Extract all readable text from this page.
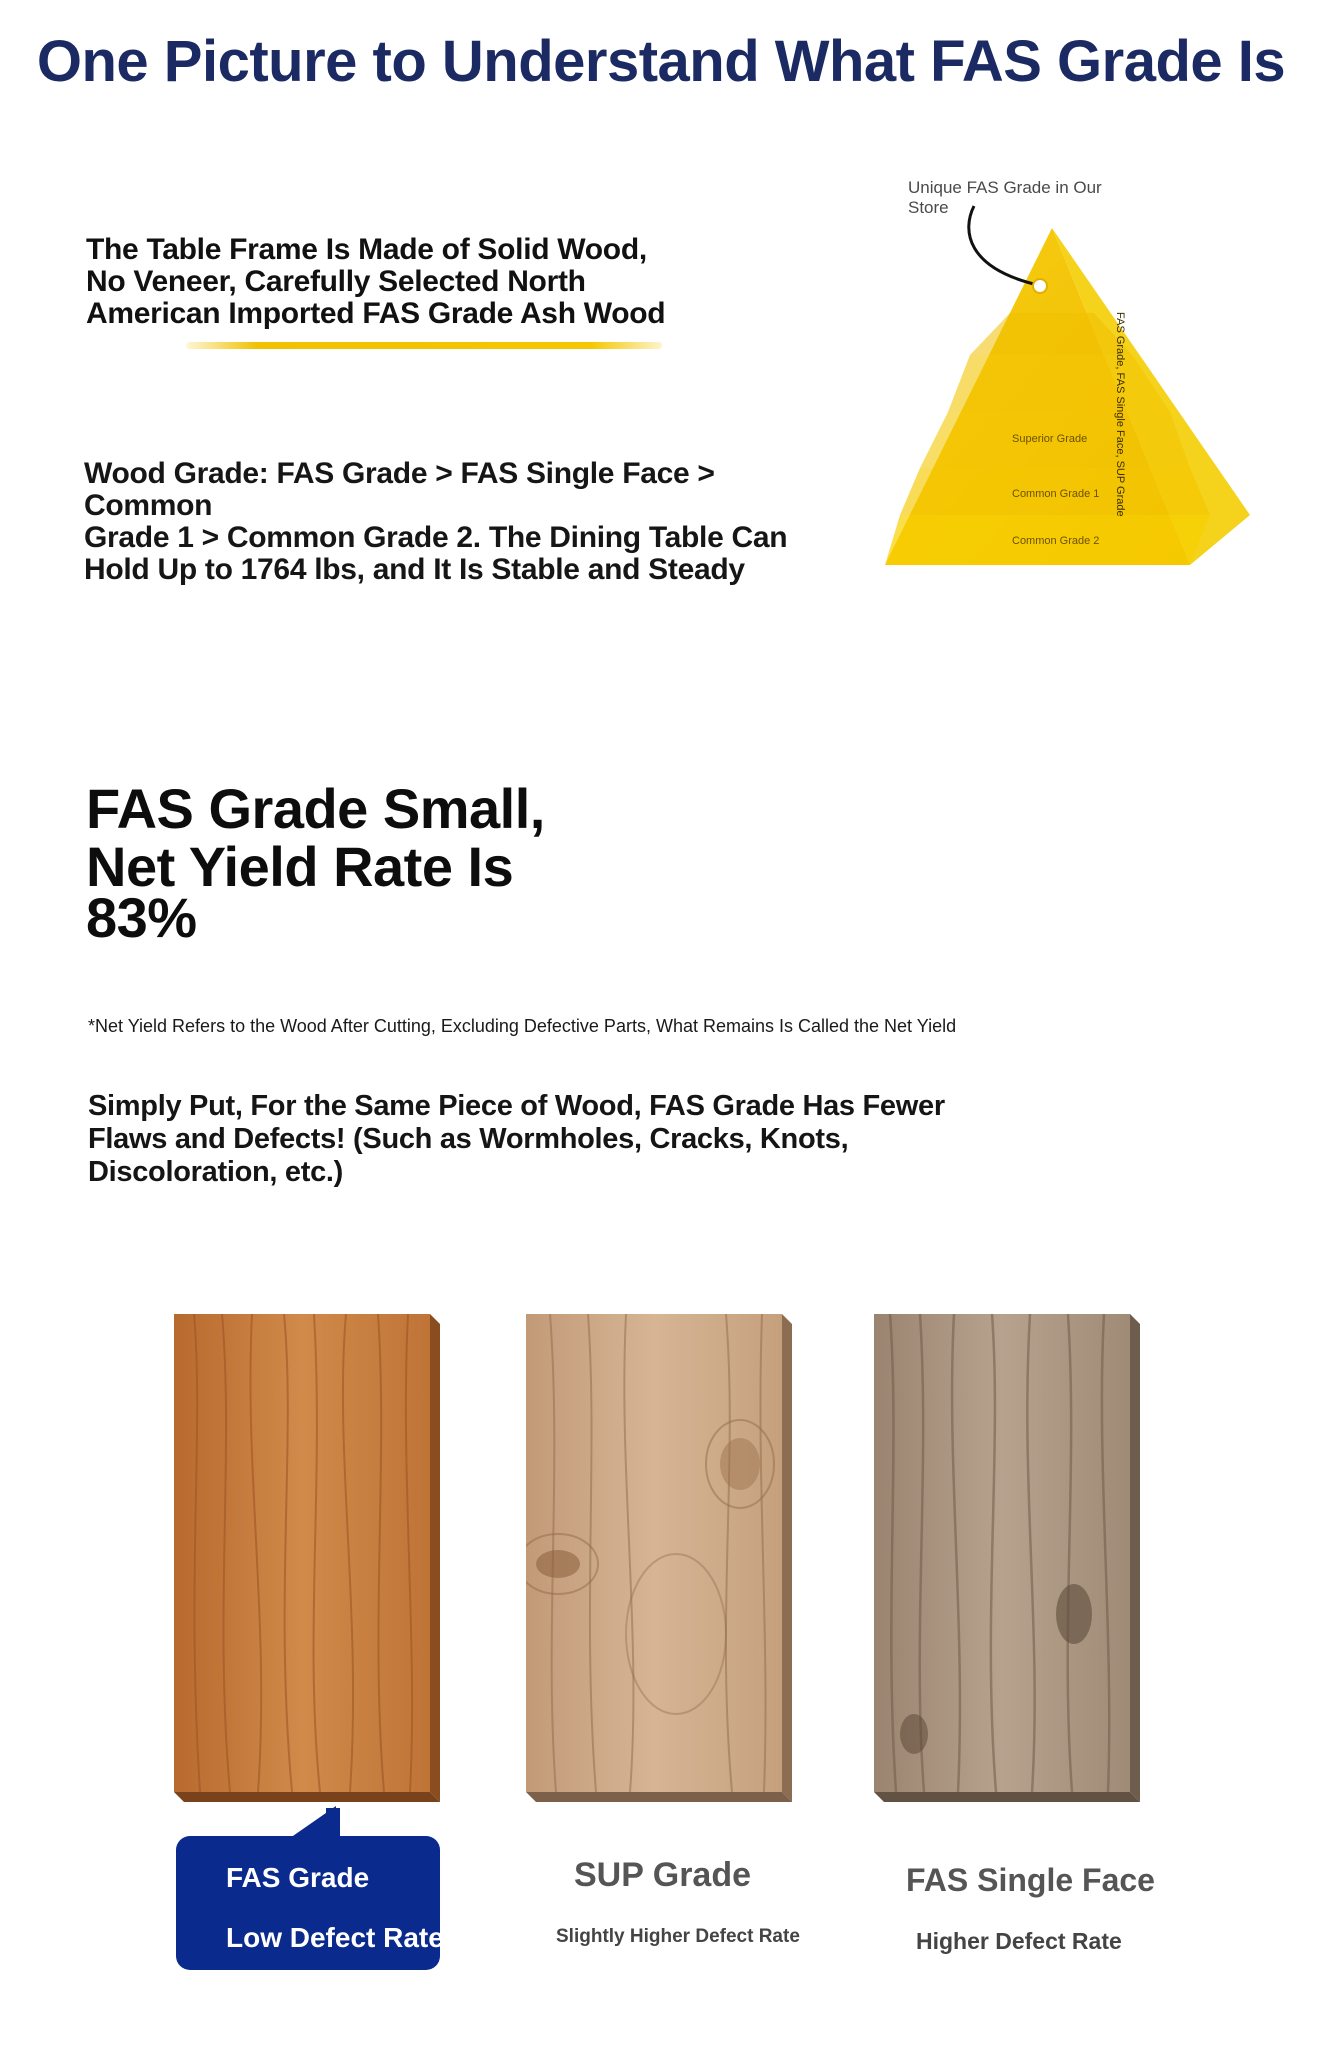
One Picture to Understand What FAS Grade Is
The Table Frame Is Made of Solid Wood,
No Veneer, Carefully Selected North
American Imported FAS Grade Ash Wood
Wood Grade: FAS Grade > FAS Single Face > Common
Grade 1 > Common Grade 2. The Dining Table Can
Hold Up to 1764 lbs, and It Is Stable and Steady
Unique FAS Grade in Our Store
Superior Grade
Common Grade 1
Common Grade 2
FAS Grade, FAS Single Face, SUP Grade
FAS Grade Small,
Net Yield Rate Is
83%
*Net Yield Refers to the Wood After Cutting, Excluding Defective Parts, What Remains Is Called the Net Yield
Simply Put, For the Same Piece of Wood, FAS Grade Has Fewer
Flaws and Defects! (Such as Wormholes, Cracks, Knots,
Discoloration, etc.)
FAS Grade
Low Defect Rate
SUP Grade
Slightly Higher Defect Rate
FAS Single Face
Higher Defect Rate
